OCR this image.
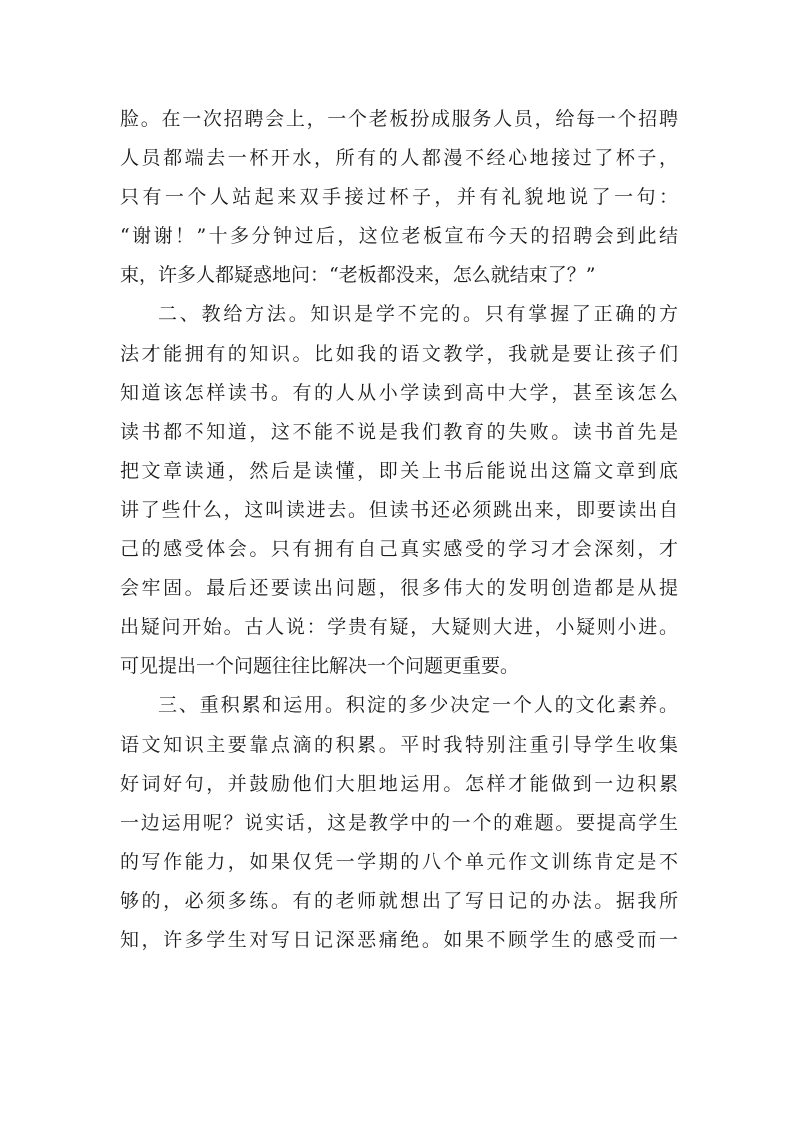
脸。在一次招聘会上，一个老板扮成服务人员，给每一个招聘
人员都端去一杯开水，所有的人都漫不经心地接过了杯子，
只有一个人站起来双手接过杯子，并有礼貌地说了一句：
“谢谢！”十多分钟过后，这位老板宣布今天的招聘会到此结
束，许多人都疑惑地问：“老板都没来，怎么就结束了？”
二、教给方法。知识是学不完的。只有掌握了正确的方
法才能拥有的知识。比如我的语文教学，我就是要让孩子们
知道该怎样读书。有的人从小学读到高中大学，甚至该怎么
读书都不知道，这不能不说是我们教育的失败。读书首先是
把文章读通，然后是读懂，即关上书后能说出这篇文章到底
讲了些什么，这叫读进去。但读书还必须跳出来，即要读出自
己的感受体会。只有拥有自己真实感受的学习才会深刻，才
会牢固。最后还要读出问题，很多伟大的发明创造都是从提
出疑问开始。古人说：学贵有疑，大疑则大进，小疑则小进。
可见提出一个问题往往比解决一个问题更重要。
三、重积累和运用。积淀的多少决定一个人的文化素养。
语文知识主要靠点滴的积累。平时我特别注重引导学生收集
好词好句，并鼓励他们大胆地运用。怎样才能做到一边积累
一边运用呢？说实话，这是教学中的一个的难题。要提高学生
的写作能力，如果仅凭一学期的八个单元作文训练肯定是不
够的，必须多练。有的老师就想出了写日记的办法。据我所
知，许多学生对写日记深恶痛绝。如果不顾学生的感受而一
